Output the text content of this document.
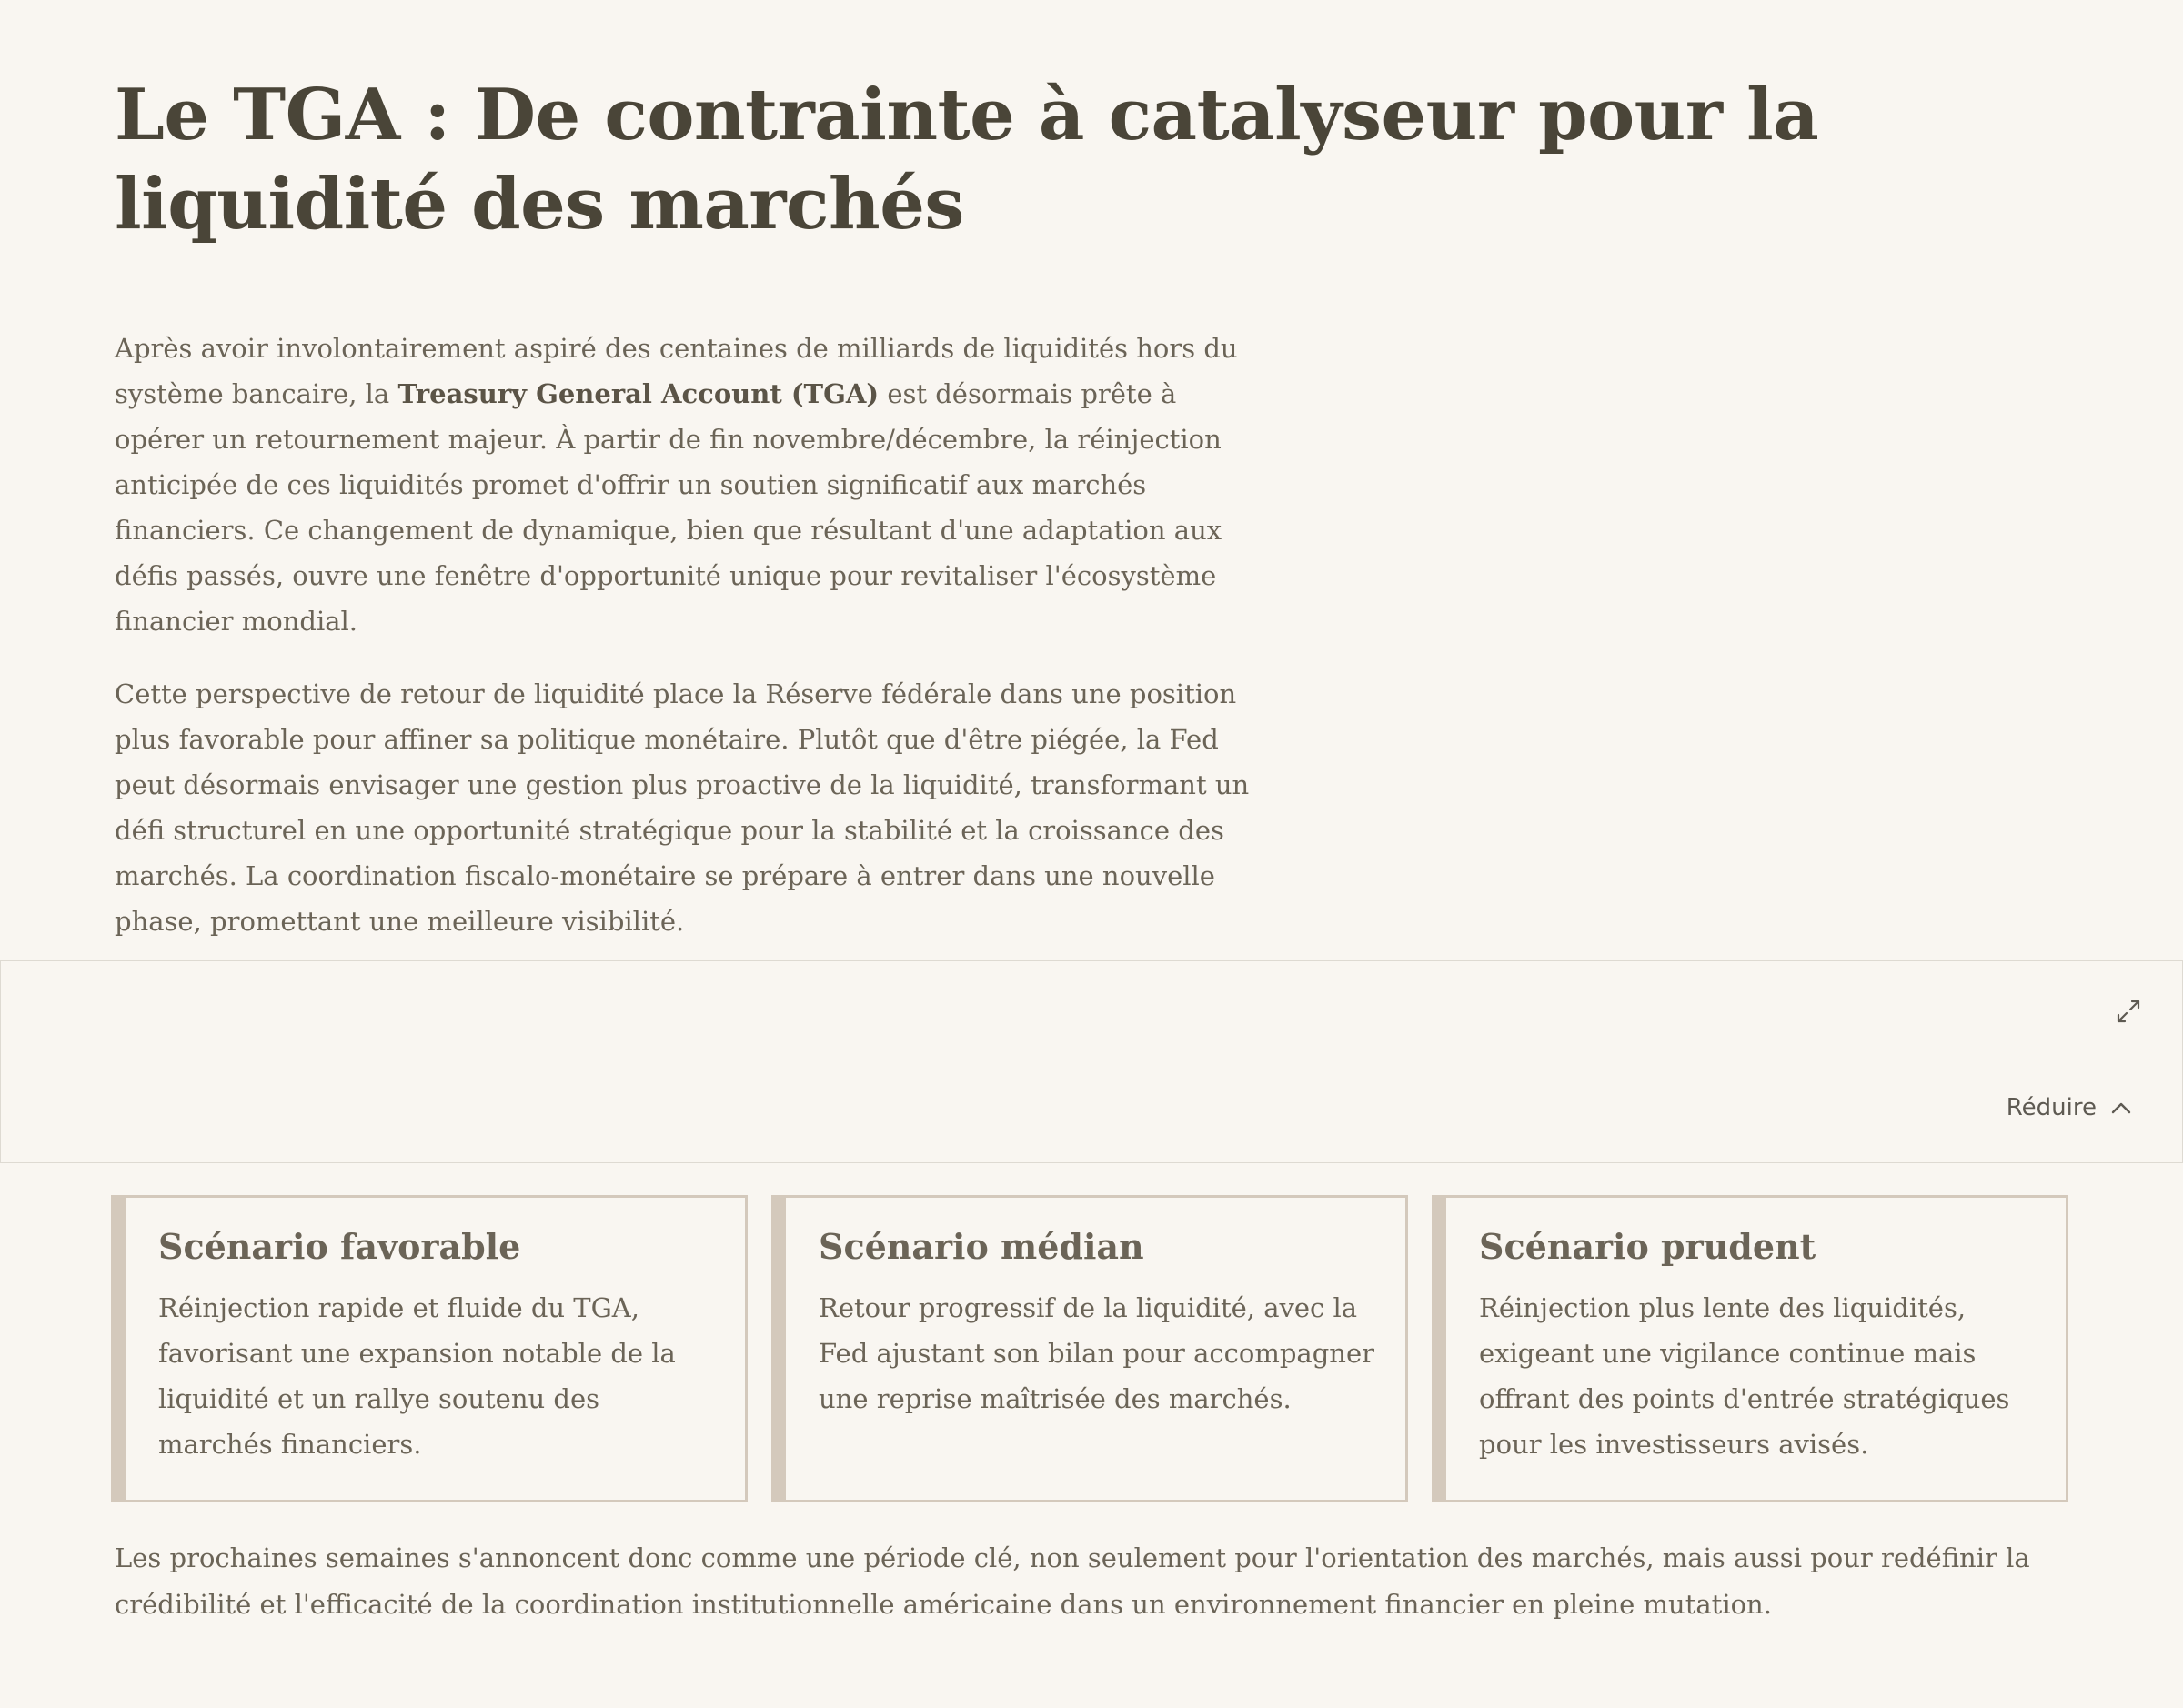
Le TGA : De contrainte à catalyseur pour la liquidité des marchés

Après avoir involontairement aspiré des centaines de milliards de liquidités hors du système bancaire, la Treasury General Account (TGA) est désormais prête à opérer un retournement majeur. À partir de fin novembre/décembre, la réinjection anticipée de ces liquidités promet d'offrir un soutien significatif aux marchés financiers. Ce changement de dynamique, bien que résultant d'une adaptation aux défis passés, ouvre une fenêtre d'opportunité unique pour revitaliser l'écosystème financier mondial.

Cette perspective de retour de liquidité place la Réserve fédérale dans une position plus favorable pour affiner sa politique monétaire. Plutôt que d'être piégée, la Fed peut désormais envisager une gestion plus proactive de la liquidité, transformant un défi structurel en une opportunité stratégique pour la stabilité et la croissance des marchés. La coordination fiscalo-monétaire se prépare à entrer dans une nouvelle phase, promettant une meilleure visibilité.

Réduire
Scénario favorable

Réinjection rapide et fluide du TGA, favorisant une expansion notable de la liquidité et un rallye soutenu des marchés financiers.

Scénario médian

Retour progressif de la liquidité, avec la Fed ajustant son bilan pour accompagner une reprise maîtrisée des marchés.

Scénario prudent

Réinjection plus lente des liquidités, exigeant une vigilance continue mais offrant des points d'entrée stratégiques pour les investisseurs avisés.

Les prochaines semaines s'annoncent donc comme une période clé, non seulement pour l'orientation des marchés, mais aussi pour redéfinir la crédibilité et l'efficacité de la coordination institutionnelle américaine dans un environnement financier en pleine mutation.
